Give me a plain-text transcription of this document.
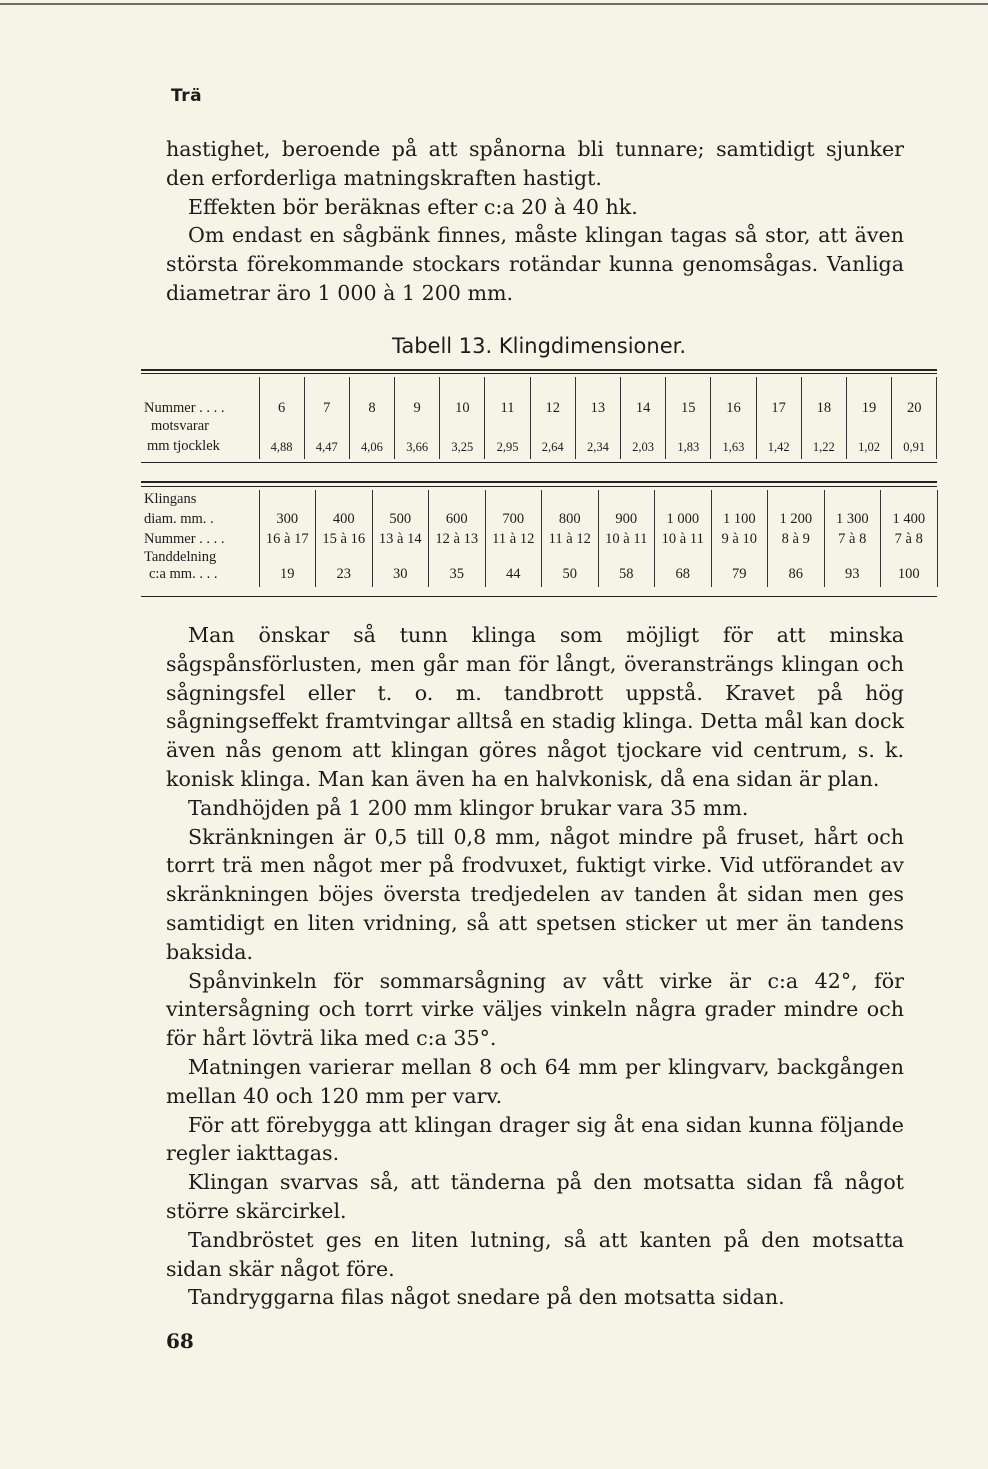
Trä

hastighet, beroende på att spånorna bli tunnare; samtidigt sjunker den erforderliga matningskraften hastigt.

Effekten bör beräknas efter c:a 20 à 40 hk.

Om endast en sågbänk finnes, måste klingan tagas så stor, att även största förekommande stockars rotändar kunna genomsågas. Vanliga diametrar äro 1 000 à 1 200 mm.

Tabell 13. Klingdimensioner.
Nummer . . . .	6	7	8	9	10	11	12	13	14	15	16	17	18	19	20
motsvarar															
mm tjocklek	4,88	4,47	4,06	3,66	3,25	2,95	2,64	2,34	2,03	1,83	1,63	1,42	1,22	1,02	0,91
Klingans												
diam. mm. .	300	400	500	600	700	800	900	1 000	1 100	1 200	1 300	1 400
Nummer . . . .	16 à 17	15 à 16	13 à 14	12 à 13	11 à 12	11 à 12	10 à 11	10 à 11	9 à 10	8 à 9	7 à 8	7 à 8
Tanddelning												
c:a mm. . . .	19	23	30	35	44	50	58	68	79	86	93	100

Man önskar så tunn klinga som möjligt för att minska sågspånsförlusten, men går man för långt, överansträngs klingan och sågningsfel eller t. o. m. tandbrott uppstå. Kravet på hög sågningseffekt framtvingar alltså en stadig klinga. Detta mål kan dock även nås genom att klingan göres något tjockare vid centrum, s. k. konisk klinga. Man kan även ha en halvkonisk, då ena sidan är plan.

Tandhöjden på 1 200 mm klingor brukar vara 35 mm.

Skränkningen är 0,5 till 0,8 mm, något mindre på fruset, hårt och torrt trä men något mer på frodvuxet, fuktigt virke. Vid utförandet av skränkningen böjes översta tredjedelen av tanden åt sidan men ges samtidigt en liten vridning, så att spetsen sticker ut mer än tandens baksida.

Spånvinkeln för sommarsågning av vått virke är c:a 42°, för vintersågning och torrt virke väljes vinkeln några grader mindre och för hårt lövträ lika med c:a 35°.

Matningen varierar mellan 8 och 64 mm per klingvarv, backgången mellan 40 och 120 mm per varv.

För att förebygga att klingan drager sig åt ena sidan kunna följande regler iakttagas.

Klingan svarvas så, att tänderna på den motsatta sidan få något större skärcirkel.

Tandbröstet ges en liten lutning, så att kanten på den motsatta sidan skär något före.

Tandryggarna filas något snedare på den motsatta sidan.

68
